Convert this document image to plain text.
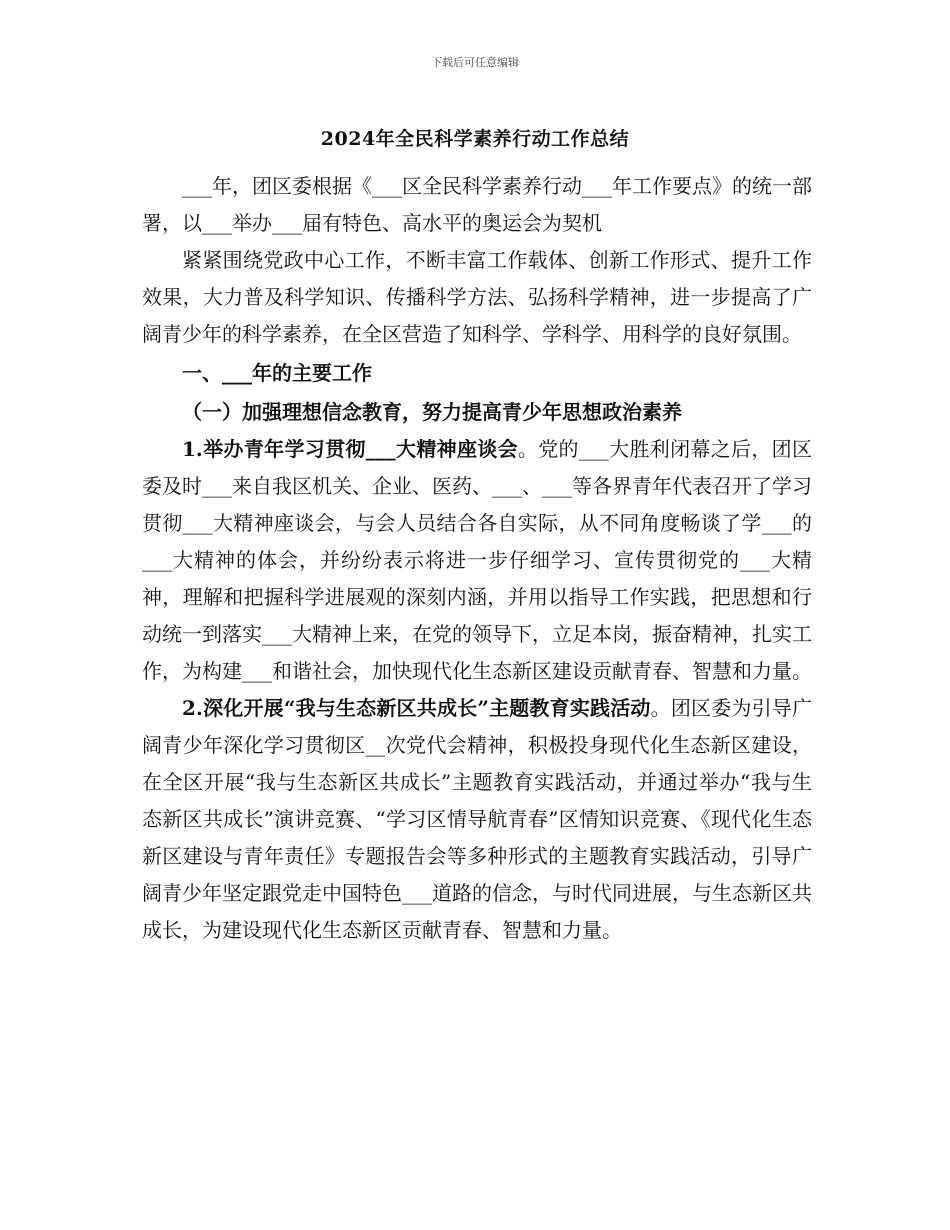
下载后可任意编辑
2024年全民科学素养行动工作总结

___年，团区委根据《___区全民科学素养行动___年工作要点》的统一部署，以___举办___届有特色、高水平的奥运会为契机

紧紧围绕党政中心工作，不断丰富工作载体、创新工作形式、提升工作效果，大力普及科学知识、传播科学方法、弘扬科学精神，进一步提高了广阔青少年的科学素养，在全区营造了知科学、学科学、用科学的良好氛围。

一、___年的主要工作

（一）加强理想信念教育，努力提高青少年思想政治素养

1.举办青年学习贯彻___大精神座谈会。党的___大胜利闭幕之后，团区委及时___来自我区机关、企业、医药、___、___等各界青年代表召开了学习贯彻___大精神座谈会，与会人员结合各自实际，从不同角度畅谈了学___的___大精神的体会，并纷纷表示将进一步仔细学习、宣传贯彻党的___大精神，理解和把握科学进展观的深刻内涵，并用以指导工作实践，把思想和行动统一到落实___大精神上来，在党的领导下，立足本岗，振奋精神，扎实工作，为构建___和谐社会，加快现代化生态新区建设贡献青春、智慧和力量。

2.深化开展“我与生态新区共成长”主题教育实践活动。团区委为引导广阔青少年深化学习贯彻区__次党代会精神，积极投身现代化生态新区建设，在全区开展“我与生态新区共成长”主题教育实践活动，并通过举办“我与生态新区共成长”演讲竞赛、“学习区情导航青春”区情知识竞赛、《现代化生态新区建设与青年责任》专题报告会等多种形式的主题教育实践活动，引导广阔青少年坚定跟党走中国特色___道路的信念，与时代同进展，与生态新区共成长，为建设现代化生态新区贡献青春、智慧和力量。
